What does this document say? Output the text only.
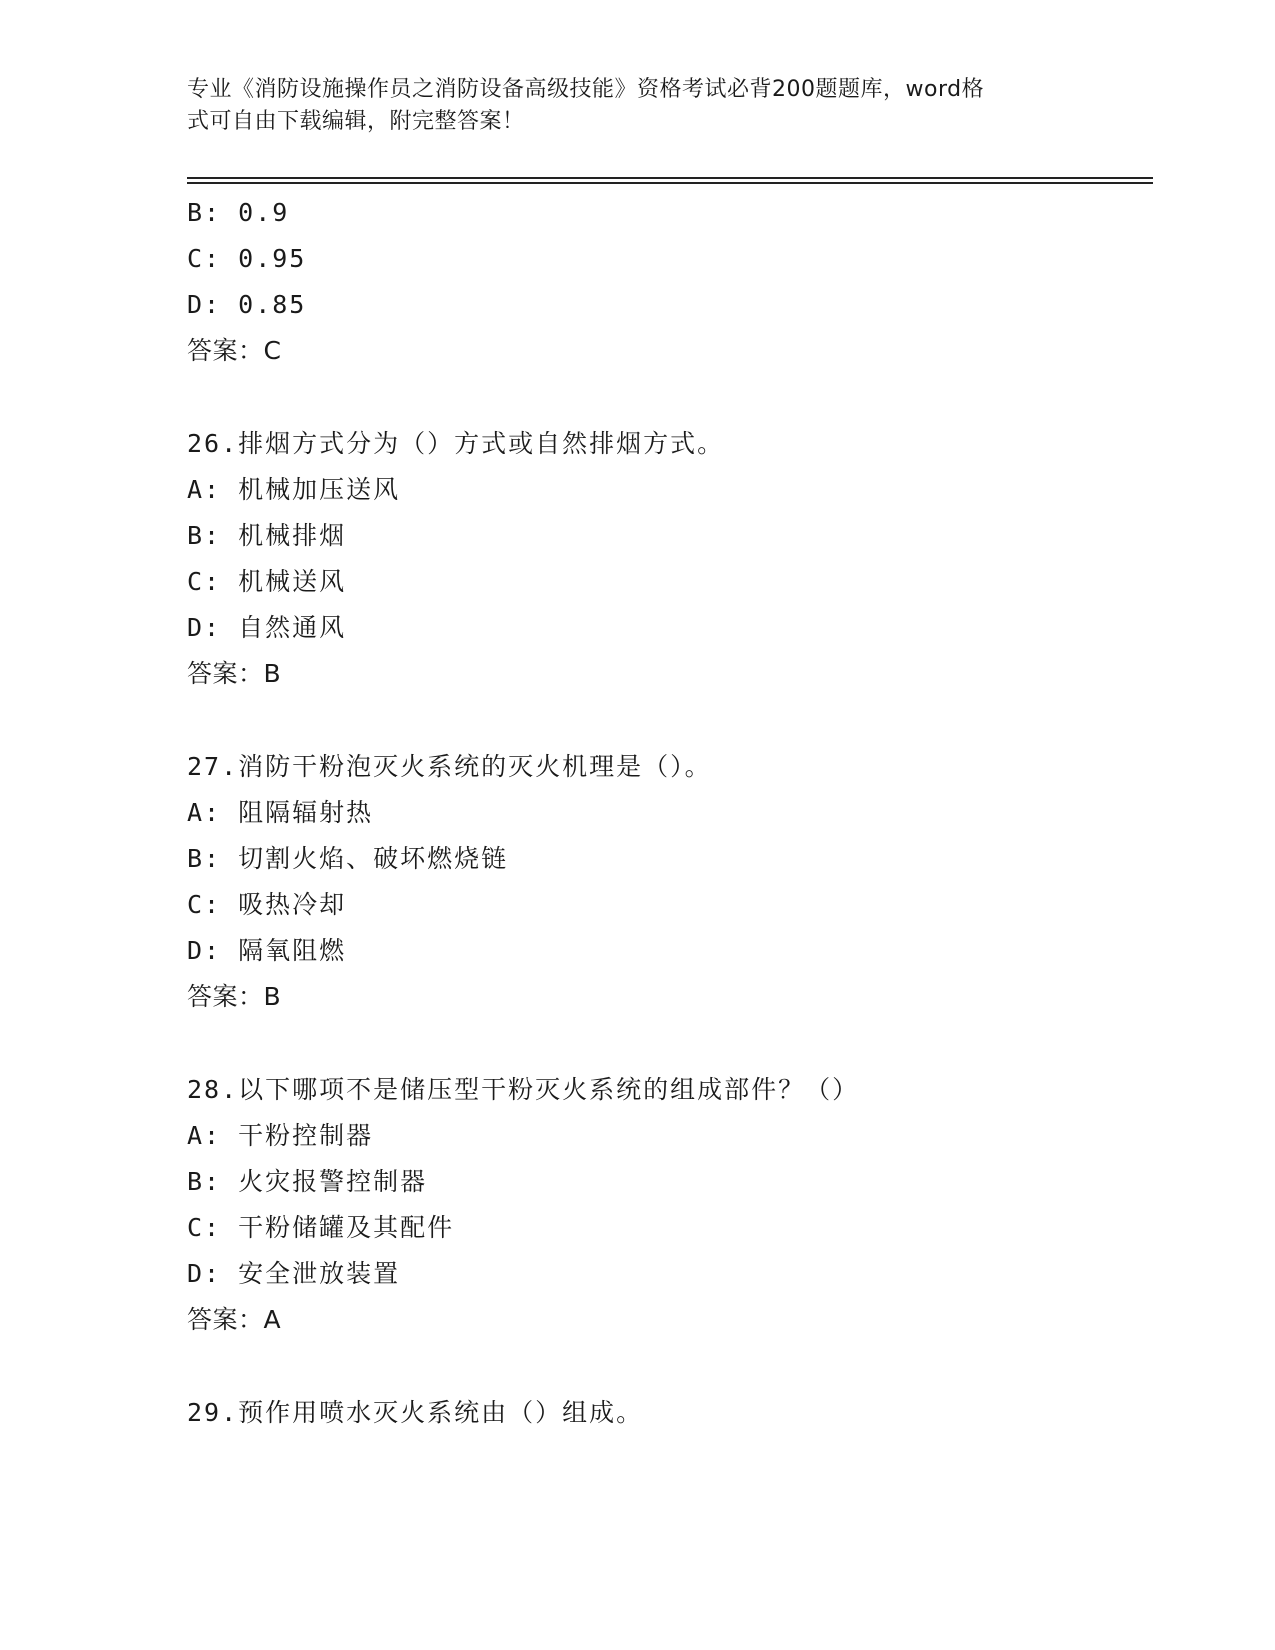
专业《消防设施操作员之消防设备高级技能》资格考试必背200题题库，word格
式可自由下载编辑，附完整答案！
B: 0.9
C: 0.95
D: 0.85
答案：C
26.排烟方式分为（）方式或自然排烟方式。
A: 机械加压送风
B: 机械排烟
C: 机械送风
D: 自然通风
答案：B
27.消防干粉泡灭火系统的灭火机理是（）。
A: 阻隔辐射热
B: 切割火焰、破坏燃烧链
C: 吸热冷却
D: 隔氧阻燃
答案：B
28.以下哪项不是储压型干粉灭火系统的组成部件？（）
A: 干粉控制器
B: 火灾报警控制器
C: 干粉储罐及其配件
D: 安全泄放装置
答案：A
29.预作用喷水灭火系统由（）组成。
